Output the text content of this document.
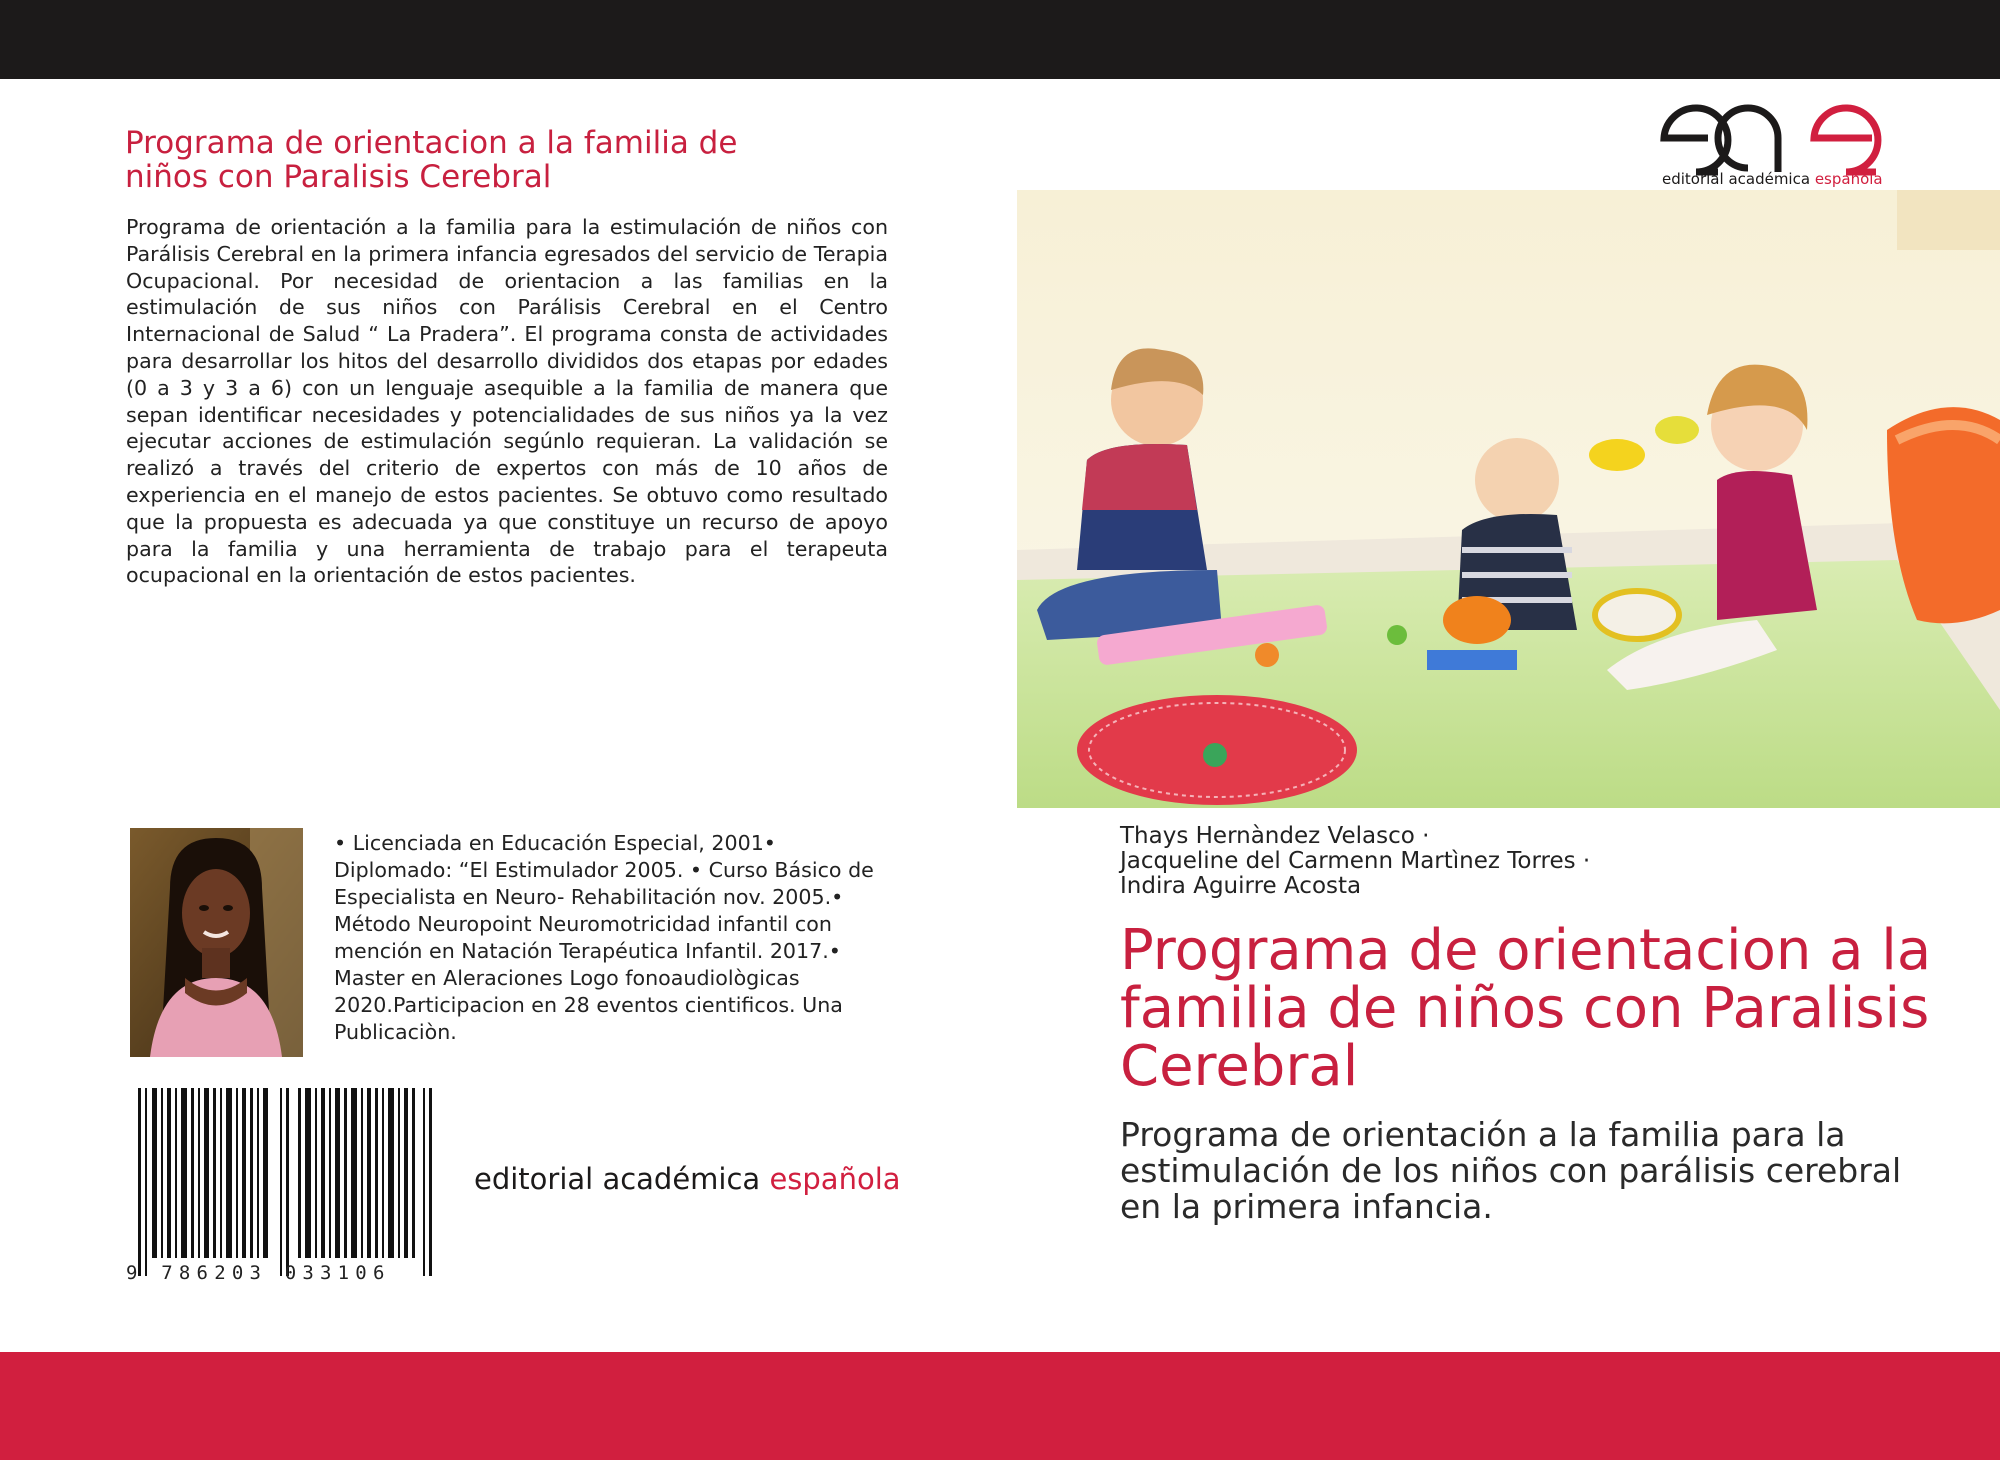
Programa de orientacion a la familia de niños con Paralisis Cerebral

Programa de orientación a la familia para la estimulación de niños con Parálisis Cerebral en la primera infancia egresados del servicio de Terapia Ocupacional. Por necesidad de orientacion a las familias en la estimulación de sus niños con Parálisis Cerebral en el Centro Internacional de Salud “ La Pradera”. El programa consta de actividades para desarrollar los hitos del desarrollo divididos dos etapas por edades (0 a 3 y 3 a 6) con un lenguaje asequible a la familia de manera que sepan identificar necesidades y potencialidades de sus niños ya la vez ejecutar acciones de estimulación segúnlo requieran. La validación se realizó a través del criterio de expertos con más de 10 años de experiencia en el manejo de estos pacientes. Se obtuvo como resultado que la propuesta es adecuada ya que constituye un recurso de apoyo para la familia y una herramienta de trabajo para el terapeuta ocupacional en la orientación de estos pacientes.

• Licenciada en Educación Especial, 2001• Diplomado: “El Estimulador 2005. • Curso Básico de Especialista en Neuro- Rehabilitación nov. 2005.• Método Neuropoint Neuromotricidad infantil con mención en Natación Terapéutica Infantil. 2017.• Master en Aleraciones Logo fonoaudiològicas 2020.Participacion en 28 eventos cientificos. Una Publicaciòn.

9 786203 033106
editorial académica española
editorial académica española
Thays Hernàndez Velasco ·
Jacqueline del Carmenn Martìnez Torres ·
Indira Aguirre Acosta
Programa de orientacion a la familia de niños con Paralisis Cerebral

Programa de orientación a la familia para la estimulación de los niños con parálisis cerebral en la primera infancia.
